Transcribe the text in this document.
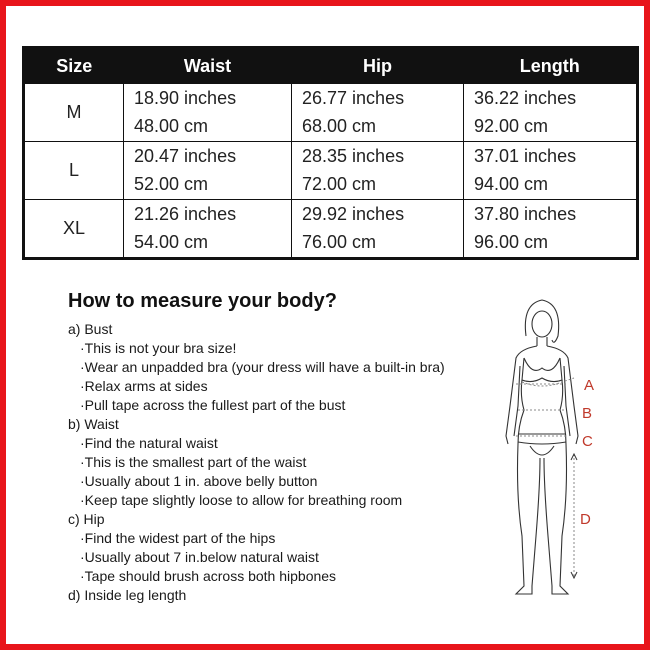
Size	Waist	Hip	Length
M	18.90 inches	26.77 inches	36.22 inches
	48.00 cm	68.00 cm	92.00 cm
L	20.47 inches	28.35 inches	37.01 inches
	52.00 cm	72.00 cm	94.00 cm
XL	21.26 inches	29.92 inches	37.80 inches
	54.00 cm	76.00 cm	96.00 cm
How to measure your body?
a) Bust
·This is not your bra size!
·Wear an unpadded bra (your dress will have a built-in bra)
·Relax arms at sides
·Pull tape across the fullest part of the bust
b) Waist
·Find the natural waist
·This is the smallest part of the waist
·Usually about 1 in. above belly button
·Keep tape slightly loose to allow for breathing room
c) Hip
·Find the widest part of the hips
·Usually about 7 in.below natural waist
·Tape should brush across both hipbones
d) Inside leg length
A
B
C
D
